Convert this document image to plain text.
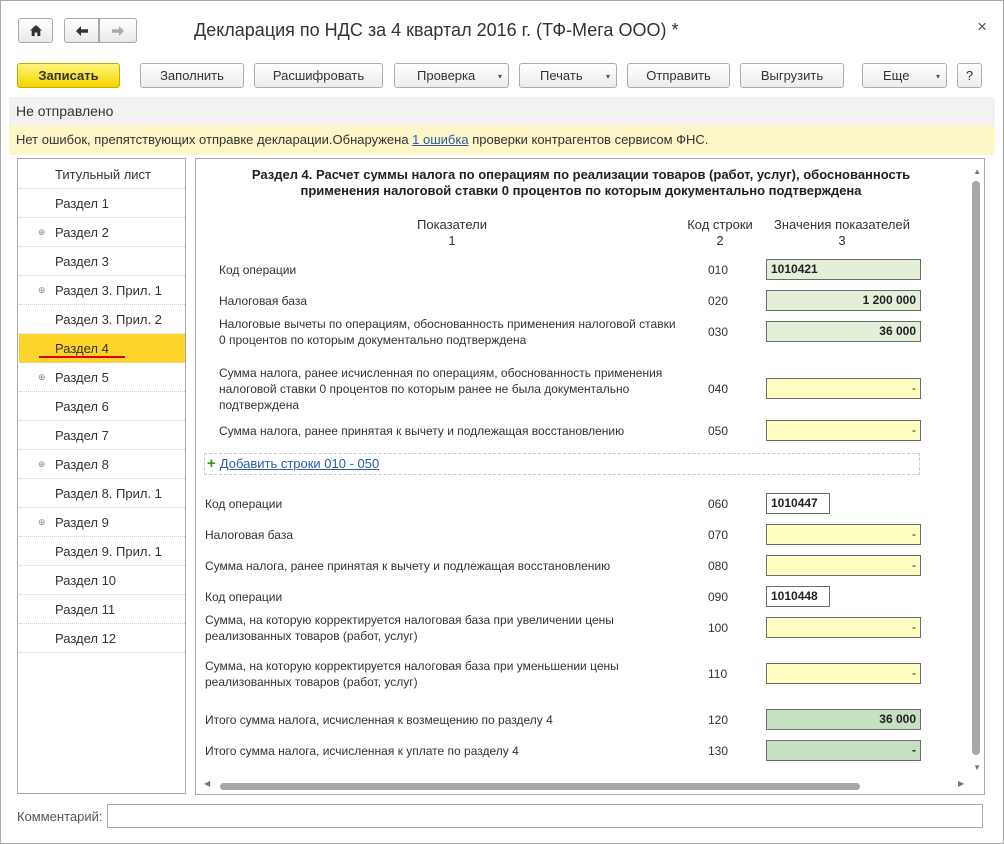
Декларация по НДС за 4 квартал 2016 г. (ТФ-Мега ООО) *	×
Записать	Заполнить	Расшифровать	Проверка	▾	Печать	▾	Отправить	Выгрузить	Еще	▾ ?
Не отправлено
Нет ошибок, препятствующих отправке декларации.Обнаружена 1 ошибка проверки контрагентов сервисом ФНС.
Титульный лист
Раздел 1
⊕ Раздел 2
Раздел 3
⊕ Раздел 3. Прил. 1
Раздел 3. Прил. 2
Раздел 4
⊕ Раздел 5
Раздел 6
Раздел 7
⊕ Раздел 8
Раздел 8. Прил. 1
⊕ Раздел 9
Раздел 9. Прил. 1
Раздел 10
Раздел 11
Раздел 12
Раздел 4. Расчет суммы налога по операциям по реализации товаров (работ, услуг), обоснованность
применения налоговой ставки 0 процентов по которым документально подтверждена
Показатели
1
Код строки
2
Значения показателей
3
Код операции	010	1010421
Налоговая база	020	1 200 000
Налоговые вычеты по операциям, обоснованность применения налоговой ставки
0 процентов по которым документально подтверждена
030	36 000
Сумма налога, ранее исчисленная по операциям, обоснованность применения
налоговой ставки 0 процентов по которым ранее не была документально
подтверждена
040	-
Сумма налога, ранее принятая к вычету и подлежащая восстановлению	050	-
Код операции	060	1010447
Налоговая база	070	-
Сумма налога, ранее принятая к вычету и подлежащая восстановлению	080	-
Код операции	090	1010448
Сумма, на которую корректируется налоговая база при увеличении цены
реализованных товаров (работ, услуг)
100	-
Сумма, на которую корректируется налоговая база при уменьшении цены
реализованных товаров (работ, услуг)
110	-
Итого сумма налога, исчисленная к возмещению по разделу 4	120	36 000
Итого сумма налога, исчисленная к уплате по разделу 4	130	-
+ Добавить строки 010 - 050
▲
▼
◀	▶
Комментарий:
